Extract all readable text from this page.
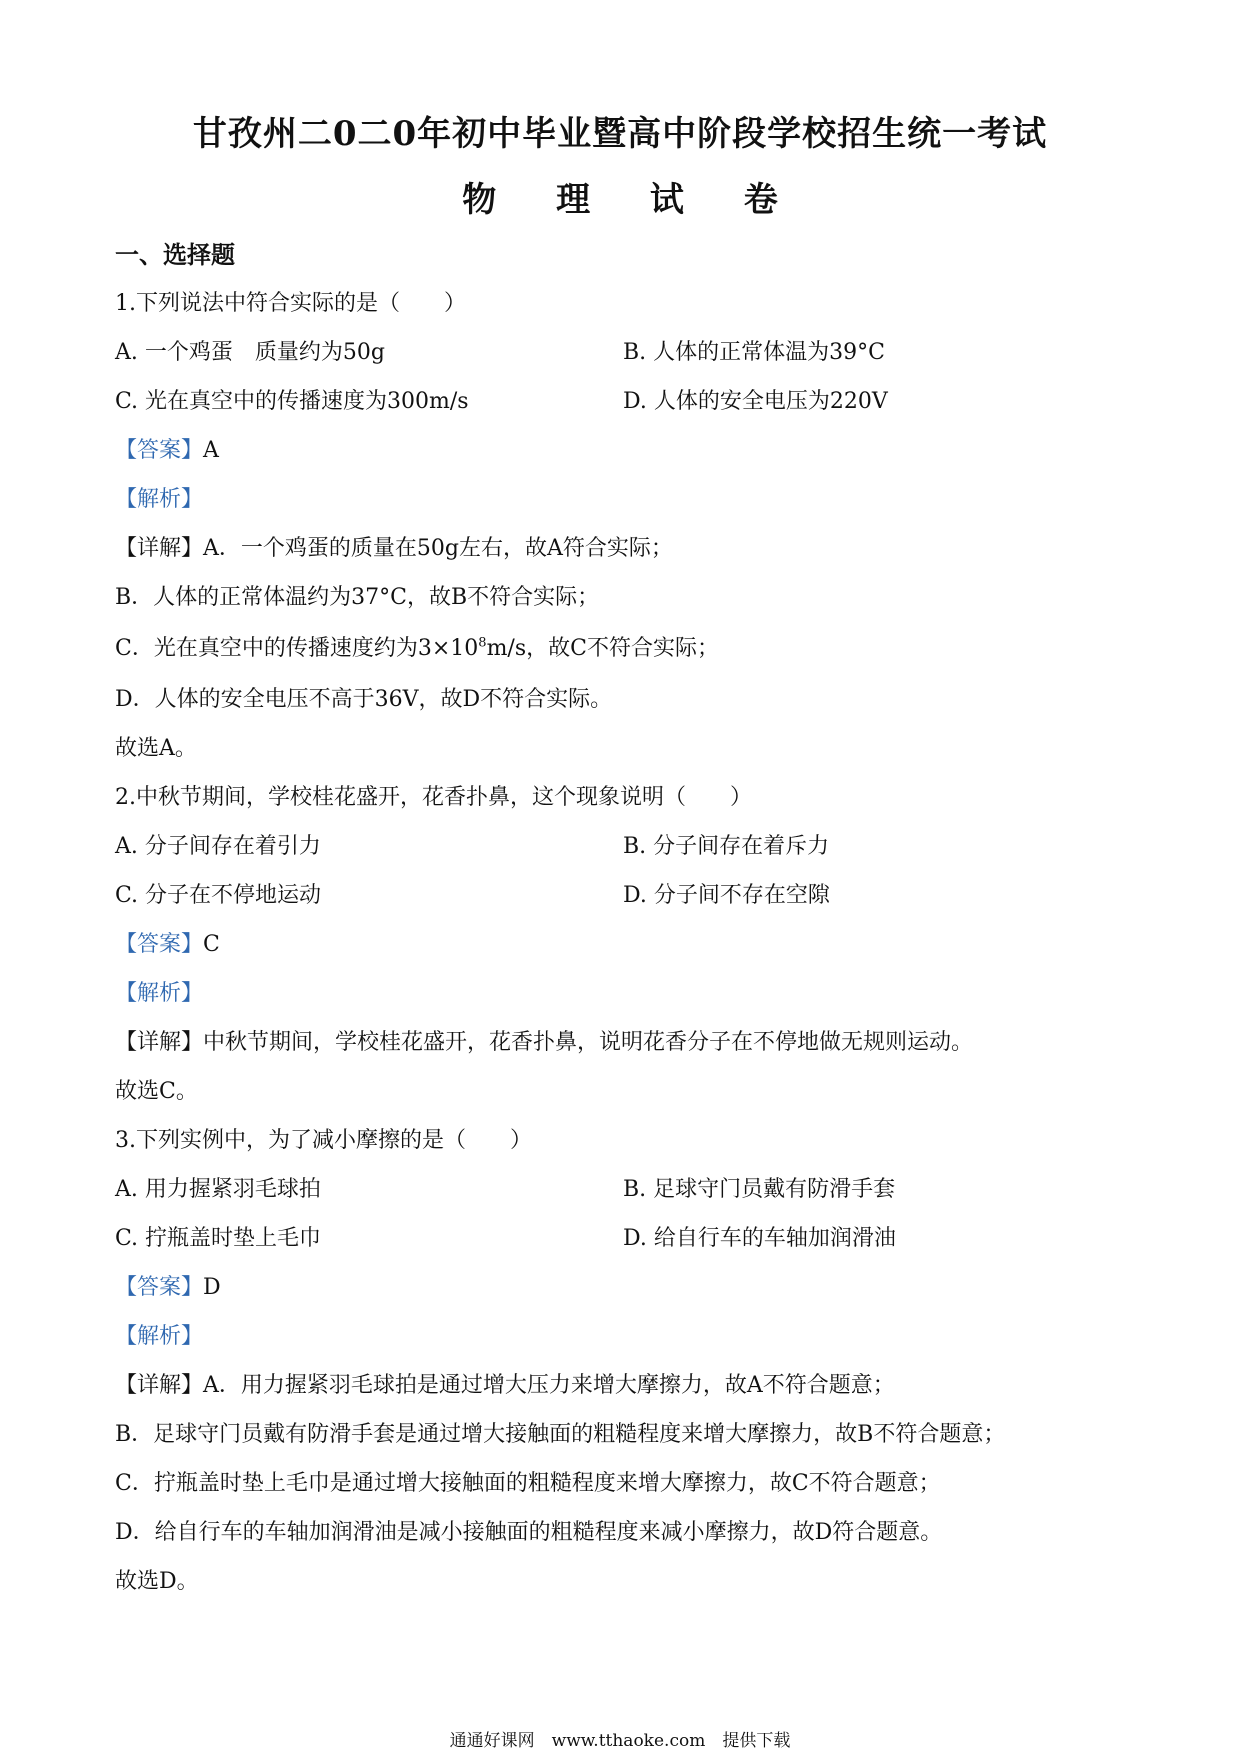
甘孜州二0二0年初中毕业暨高中阶段学校招生统一考试
物 理 试 卷
一、选择题
1.下列说法中符合实际的是（　　）
A. 一个鸡蛋　质量约为50g	B. 人体的正常体温为39°C
C. 光在真空中的传播速度为300m/s	D. 人体的安全电压为220V
【答案】A
【解析】
【详解】A．一个鸡蛋的质量在50g左右，故A符合实际；
B．人体的正常体温约为37°C，故B不符合实际；
C．光在真空中的传播速度约为$3\times 10^8m/s$，故C不符合实际；
D．人体的安全电压不高于36V，故D不符合实际。
故选A。
2.中秋节期间，学校桂花盛开，花香扑鼻，这个现象说明（　　）
A. 分子间存在着引力	B. 分子间存在着斥力
C. 分子在不停地运动	D. 分子间不存在空隙
【答案】C
【解析】
【详解】中秋节期间，学校桂花盛开，花香扑鼻，说明花香分子在不停地做无规则运动。
故选C。
3.下列实例中，为了减小摩擦的是（　　）
A. 用力握紧羽毛球拍	B. 足球守门员戴有防滑手套
C. 拧瓶盖时垫上毛巾	D. 给自行车的车轴加润滑油
【答案】D
【解析】
【详解】A．用力握紧羽毛球拍是通过增大压力来增大摩擦力，故A不符合题意；
B．足球守门员戴有防滑手套是通过增大接触面的粗糙程度来增大摩擦力，故B不符合题意；
C．拧瓶盖时垫上毛巾是通过增大接触面的粗糙程度来增大摩擦力，故C不符合题意；
D．给自行车的车轴加润滑油是减小接触面的粗糙程度来减小摩擦力，故D符合题意。
故选D。
通通好课网　www.tthaoke.com　提供下载
